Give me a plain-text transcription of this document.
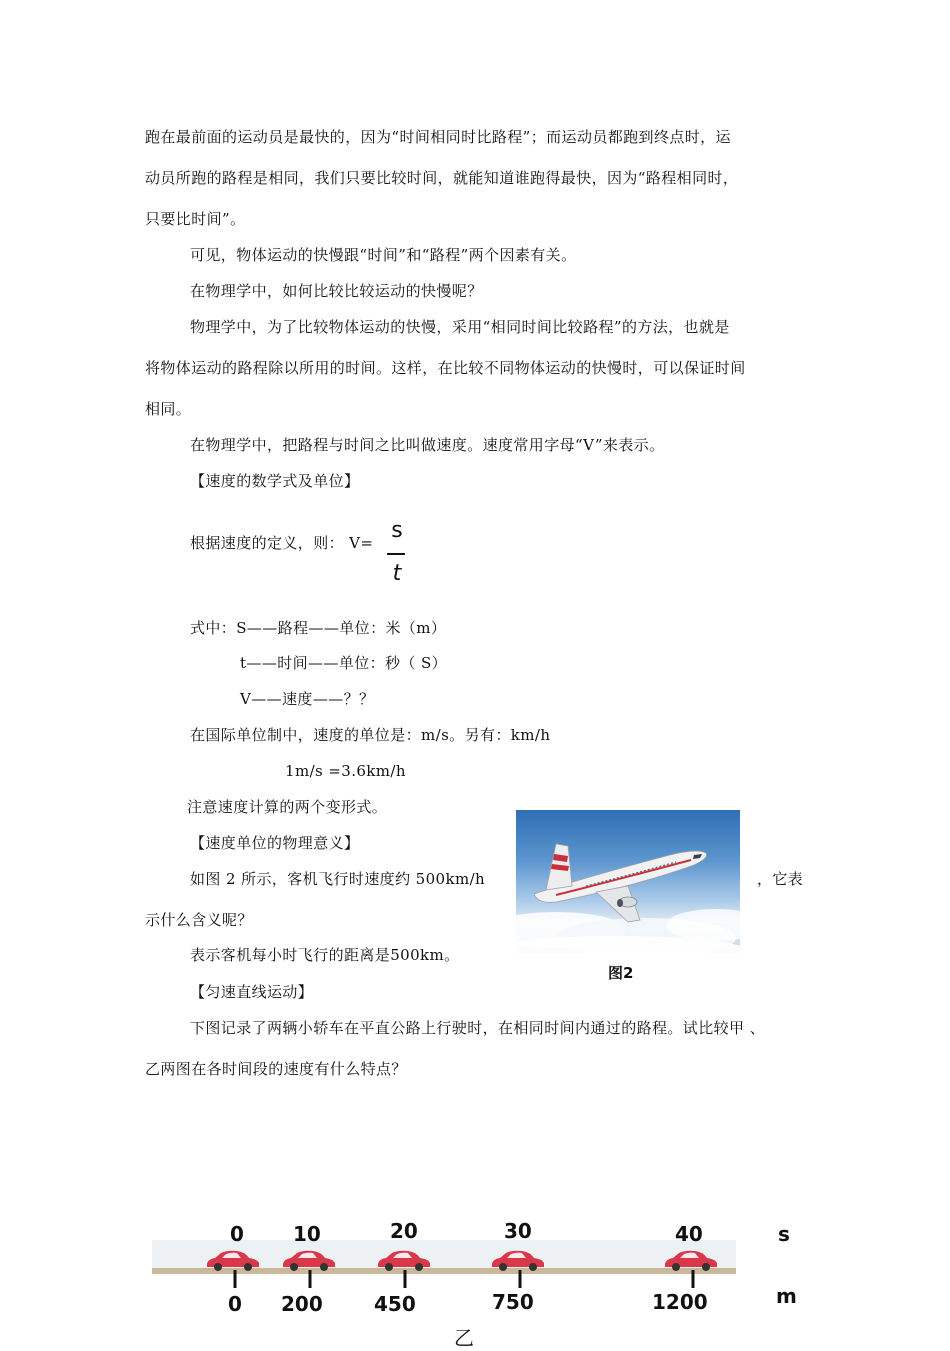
跑在最前面的运动员是最快的，因为“时间相同时比路程”；而运动员都跑到终点时，运
动员所跑的路程是相同，我们只要比较时间，就能知道谁跑得最快，因为“路程相同时，
只要比时间”。
可见，物体运动的快慢跟“时间”和“路程”两个因素有关。
在物理学中，如何比较比较运动的快慢呢？
物理学中，为了比较物体运动的快慢，采用“相同时间比较路程”的方法，也就是
将物体运动的路程除以所用的时间。这样，在比较不同物体运动的快慢时，可以保证时间
相同。
在物理学中，把路程与时间之比叫做速度。速度常用字母“V”来表示。
【速度的数学式及单位】
根据速度的定义，则： V= s
t
式中：S——路程——单位：米（m）
t——时间——单位：秒（ S）
V——速度——？？
在国际单位制中，速度的单位是：m/s。另有：km/h
1m/s =3.6km/h
注意速度计算的两个变形式。
【速度单位的物理意义】
如图 2 所示，客机飞行时速度约 500km/h	，它表
示什么含义呢？
表示客机每小时飞行的距离是500km。
【匀速直线运动】
下图记录了两辆小轿车在平直公路上行驶时，在相同时间内通过的路程。试比较甲 、
乙两图在各时间段的速度有什么特点？
图2
0 10	20	30	40	s
0 200	450	750	1200	m
乙
